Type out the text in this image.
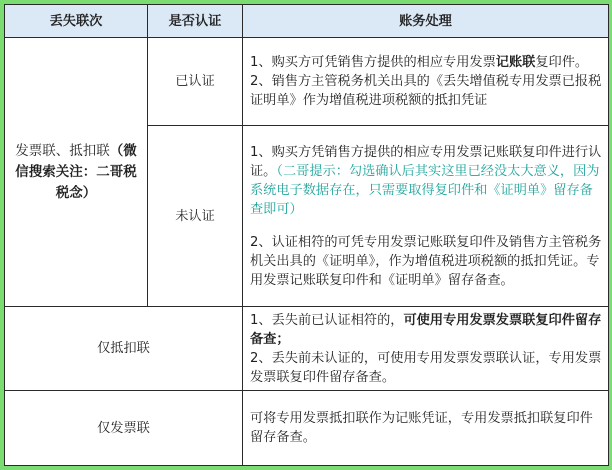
丢失联次	是否认证	账务处理
发票联、抵扣联（微信搜索关注：二哥税税念）	已认证	1、购买方可凭销售方提供的相应专用发票记账联复印件。
2、销售方主管税务机关出具的《丢失增值税专用发票已报税证明单》作为增值税进项税额的抵扣凭证

	未认证	1、购买方凭销售方提供的相应专用发票记账联复印件进行认证。（二哥提示：勾选确认后其实这里已经没太大意义，因为系统电子数据存在，只需要取得复印件和《证明单》留存备查即可）
2、认证相符的可凭专用发票记账联复印件及销售方主管税务机关出具的《证明单》，作为增值税进项税额的抵扣凭证。专用发票记账联复印件和《证明单》留存备查。

仅抵扣联		1、丢失前已认证相符的，可使用专用发票发票联复印件留存备查；
2、丢失前未认证的，可使用专用发票发票联认证，专用发票发票联复印件留存备查。

仅发票联		可将专用发票抵扣联作为记账凭证，专用发票抵扣联复印件留存备查。
